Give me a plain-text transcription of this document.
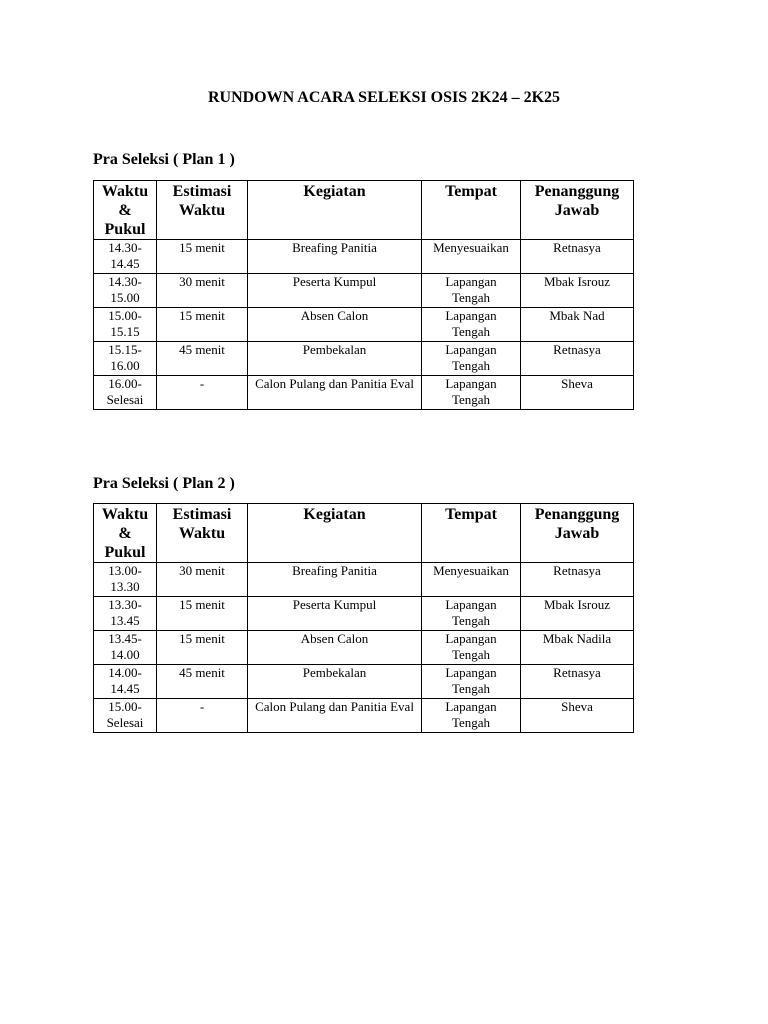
RUNDOWN ACARA SELEKSI OSIS 2K24 – 2K25
Pra Seleksi ( Plan 1 )
Waktu & Pukul	Estimasi Waktu	Kegiatan	Tempat	Penanggung Jawab
14.30-14.45	15 menit	Breafing Panitia	Menyesuaikan	Retnasya
14.30-15.00	30 menit	Peserta Kumpul	Lapangan Tengah	Mbak Isrouz
15.00-15.15	15 menit	Absen Calon	Lapangan Tengah	Mbak Nad
15.15-16.00	45 menit	Pembekalan	Lapangan Tengah	Retnasya
16.00-Selesai	-	Calon Pulang dan Panitia Eval	Lapangan Tengah	Sheva
Pra Seleksi ( Plan 2 )
Waktu & Pukul	Estimasi Waktu	Kegiatan	Tempat	Penanggung Jawab
13.00-13.30	30 menit	Breafing Panitia	Menyesuaikan	Retnasya
13.30-13.45	15 menit	Peserta Kumpul	Lapangan Tengah	Mbak Isrouz
13.45-14.00	15 menit	Absen Calon	Lapangan Tengah	Mbak Nadila
14.00-14.45	45 menit	Pembekalan	Lapangan Tengah	Retnasya
15.00-Selesai	-	Calon Pulang dan Panitia Eval	Lapangan Tengah	Sheva
